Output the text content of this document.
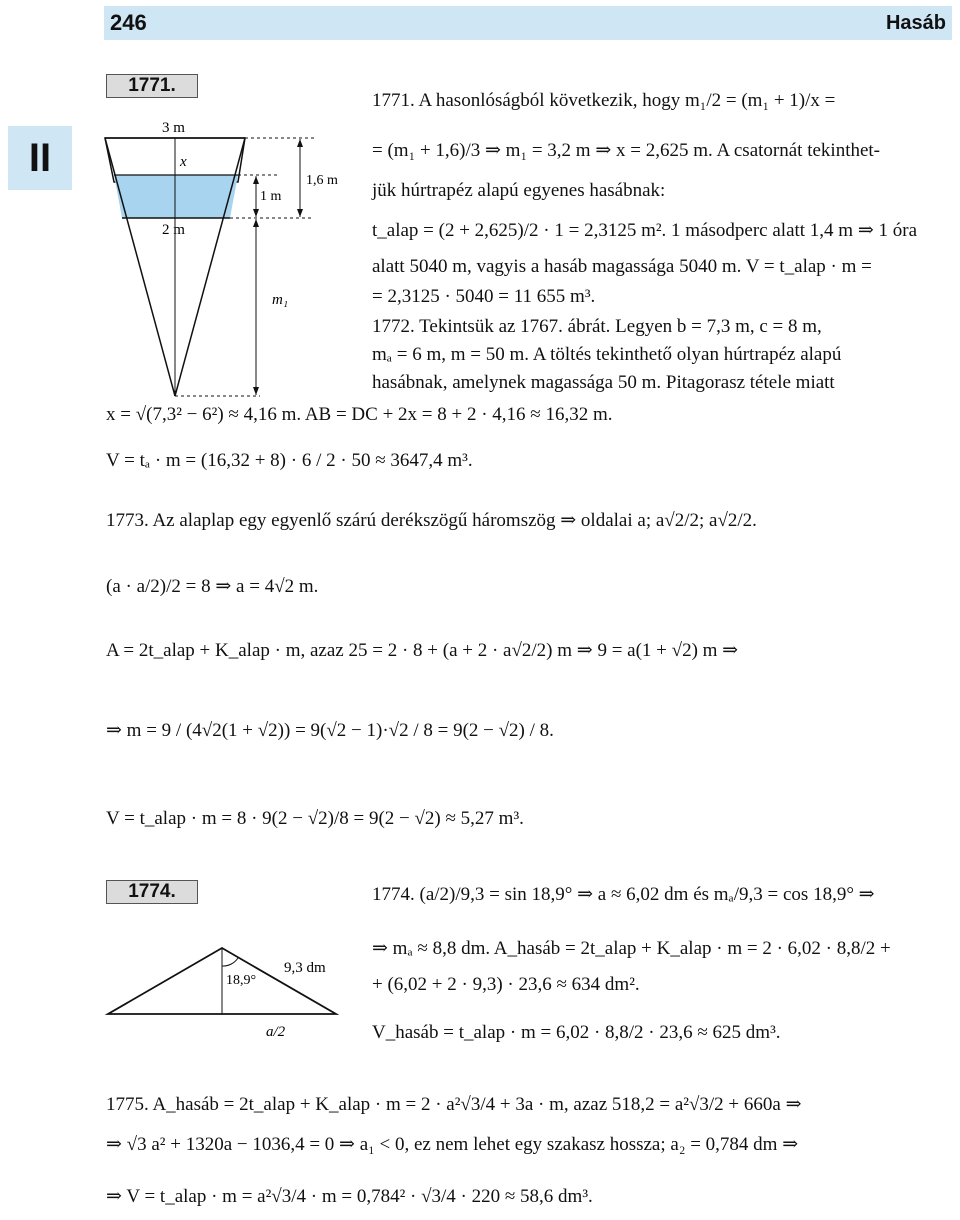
246	Hasáb
II
1771.
3 m
x
1 m
1,6 m
2 m
m₁
1771. A hasonlóságból következik, hogy m₁/2 = (m₁ + 1)/x =
= (m₁ + 1,6)/3 ⇒ m₁ = 3,2 m ⇒ x = 2,625 m. A csatornát tekinthet-
jük húrtrapéz alapú egyenes hasábnak:
t_alap = (2 + 2,625)/2 · 1 = 2,3125 m². 1 másodperc alatt 1,4 m ⇒ 1 óra
alatt 5040 m, vagyis a hasáb magassága 5040 m. V = t_alap · m =
= 2,3125 · 5040 = 11 655 m³.
1772. Tekintsük az 1767. ábrát. Legyen b = 7,3 m, c = 8 m,
mₐ = 6 m, m = 50 m. A töltés tekinthető olyan húrtrapéz alapú
hasábnak, amelynek magassága 50 m. Pitagorasz tétele miatt
x = √(7,3² − 6²) ≈ 4,16 m. AB = DC + 2x = 8 + 2 · 4,16 ≈ 16,32 m.
V = tₐ · m = (16,32 + 8) · 6 / 2 · 50 ≈ 3647,4 m³.
1773. Az alaplap egy egyenlő szárú derékszögű háromszög ⇒ oldalai a; a√2/2; a√2/2.
(a · a/2)/2 = 8 ⇒ a = 4√2 m.
A = 2t_alap + K_alap · m, azaz 25 = 2 · 8 + (a + 2 · a√2/2) m ⇒ 9 = a(1 + √2) m ⇒
⇒ m = 9 / (4√2(1 + √2)) = 9(√2 − 1)·√2 / 8 = 9(2 − √2) / 8.
V = t_alap · m = 8 · 9(2 − √2)/8 = 9(2 − √2) ≈ 5,27 m³.
1774.
9,3 dm
18,9°
a/2
1774. (a/2)/9,3 = sin 18,9° ⇒ a ≈ 6,02 dm és mₐ/9,3 = cos 18,9° ⇒
⇒ mₐ ≈ 8,8 dm. A_hasáb = 2t_alap + K_alap · m = 2 · 6,02 · 8,8/2 +
+ (6,02 + 2 · 9,3) · 23,6 ≈ 634 dm².
V_hasáb = t_alap · m = 6,02 · 8,8/2 · 23,6 ≈ 625 dm³.
1775. A_hasáb = 2t_alap + K_alap · m = 2 · a²√3/4 + 3a · m, azaz 518,2 = a²√3/2 + 660a ⇒
⇒ √3 a² + 1320a − 1036,4 = 0 ⇒ a₁ < 0, ez nem lehet egy szakasz hossza; a₂ = 0,784 dm ⇒
⇒ V = t_alap · m = a²√3/4 · m = 0,784² · √3/4 · 220 ≈ 58,6 dm³.
